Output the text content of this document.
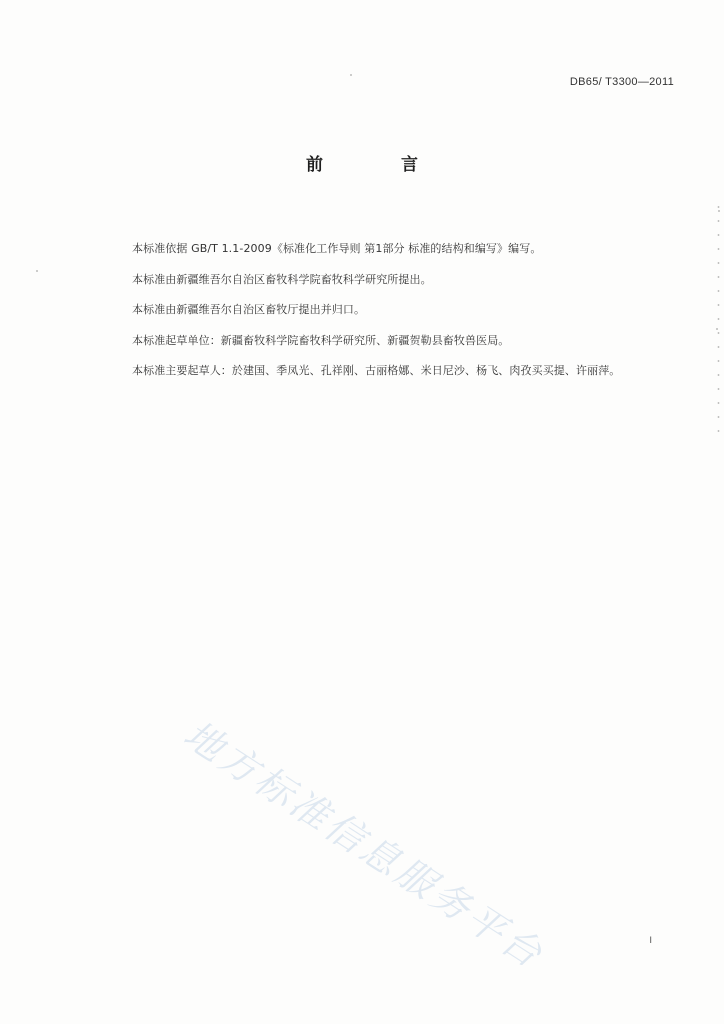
DB65/ T3300—2011
前 言
本标准依据 GB/T 1.1-2009《标准化工作导则 第1部分 标准的结构和编写》编写。
本标准由新疆维吾尔自治区畜牧科学院畜牧科学研究所提出。
本标准由新疆维吾尔自治区畜牧厅提出并归口。
本标准起草单位：新疆畜牧科学院畜牧科学研究所、新疆贺勒县畜牧兽医局。
本标准主要起草人：於建国、季凤光、孔祥刚、古丽格娜、米日尼沙、杨飞、肉孜买买提、许丽萍。
地方标准信息服务平台	I
